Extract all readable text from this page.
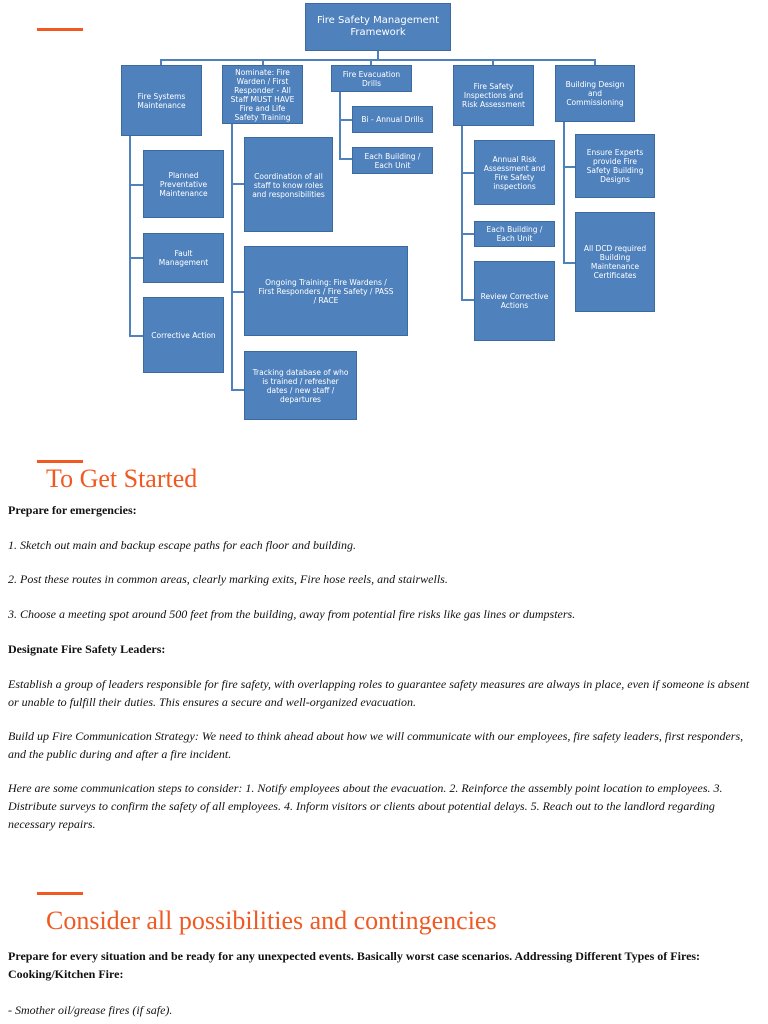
Fire Safety Management
Framework
Fire Systems
Maintenance
Nominate: Fire
Warden / First
Responder - All
Staff MUST HAVE
Fire and Life
Safety Training
Fire Evacuation
Drills	Fire Safety
Inspections and
Risk Assessment
Building Design
and
Commissioning
Planned
Preventative
Maintenance
Fault
Management
Corrective Action
Coordination of all
staff to know roles
and responsibilities
Ongoing Training: Fire Wardens /
First Responders / Fire Safety / PASS
/ RACE
Tracking database of who
is trained / refresher
dates / new staff /
departures
Bi - Annual Drills
Each Building /
Each Unit
Annual Risk
Assessment and
Fire Safety
inspections
Each Building /
Each Unit
Review Corrective
Actions
Ensure Experts
provide Fire
Safety Building
Designs
All DCD required
Building
Maintenance
Certificates
To Get Started

Prepare for emergencies:

1. Sketch out main and backup escape paths for each floor and building.

2. Post these routes in common areas, clearly marking exits, Fire hose reels, and stairwells.

3. Choose a meeting spot around 500 feet from the building, away from potential fire risks like gas lines or dumpsters.

Designate Fire Safety Leaders:

Establish a group of leaders responsible for fire safety, with overlapping roles to guarantee safety measures are always in place, even if someone is absent or unable to fulfill their duties. This ensures a secure and well-organized evacuation.

Build up Fire Communication Strategy: We need to think ahead about how we will communicate with our employees, fire safety leaders, first responders, and the public during and after a fire incident.

Here are some communication steps to consider: 1. Notify employees about the evacuation. 2. Reinforce the assembly point location to employees. 3. Distribute surveys to confirm the safety of all employees. 4. Inform visitors or clients about potential delays. 5. Reach out to the landlord regarding necessary repairs.

Consider all possibilities and contingencies

Prepare for every situation and be ready for any unexpected events. Basically worst case scenarios. Addressing Different Types of Fires: Cooking/Kitchen Fire:

- Smother oil/grease fires (if safe).
